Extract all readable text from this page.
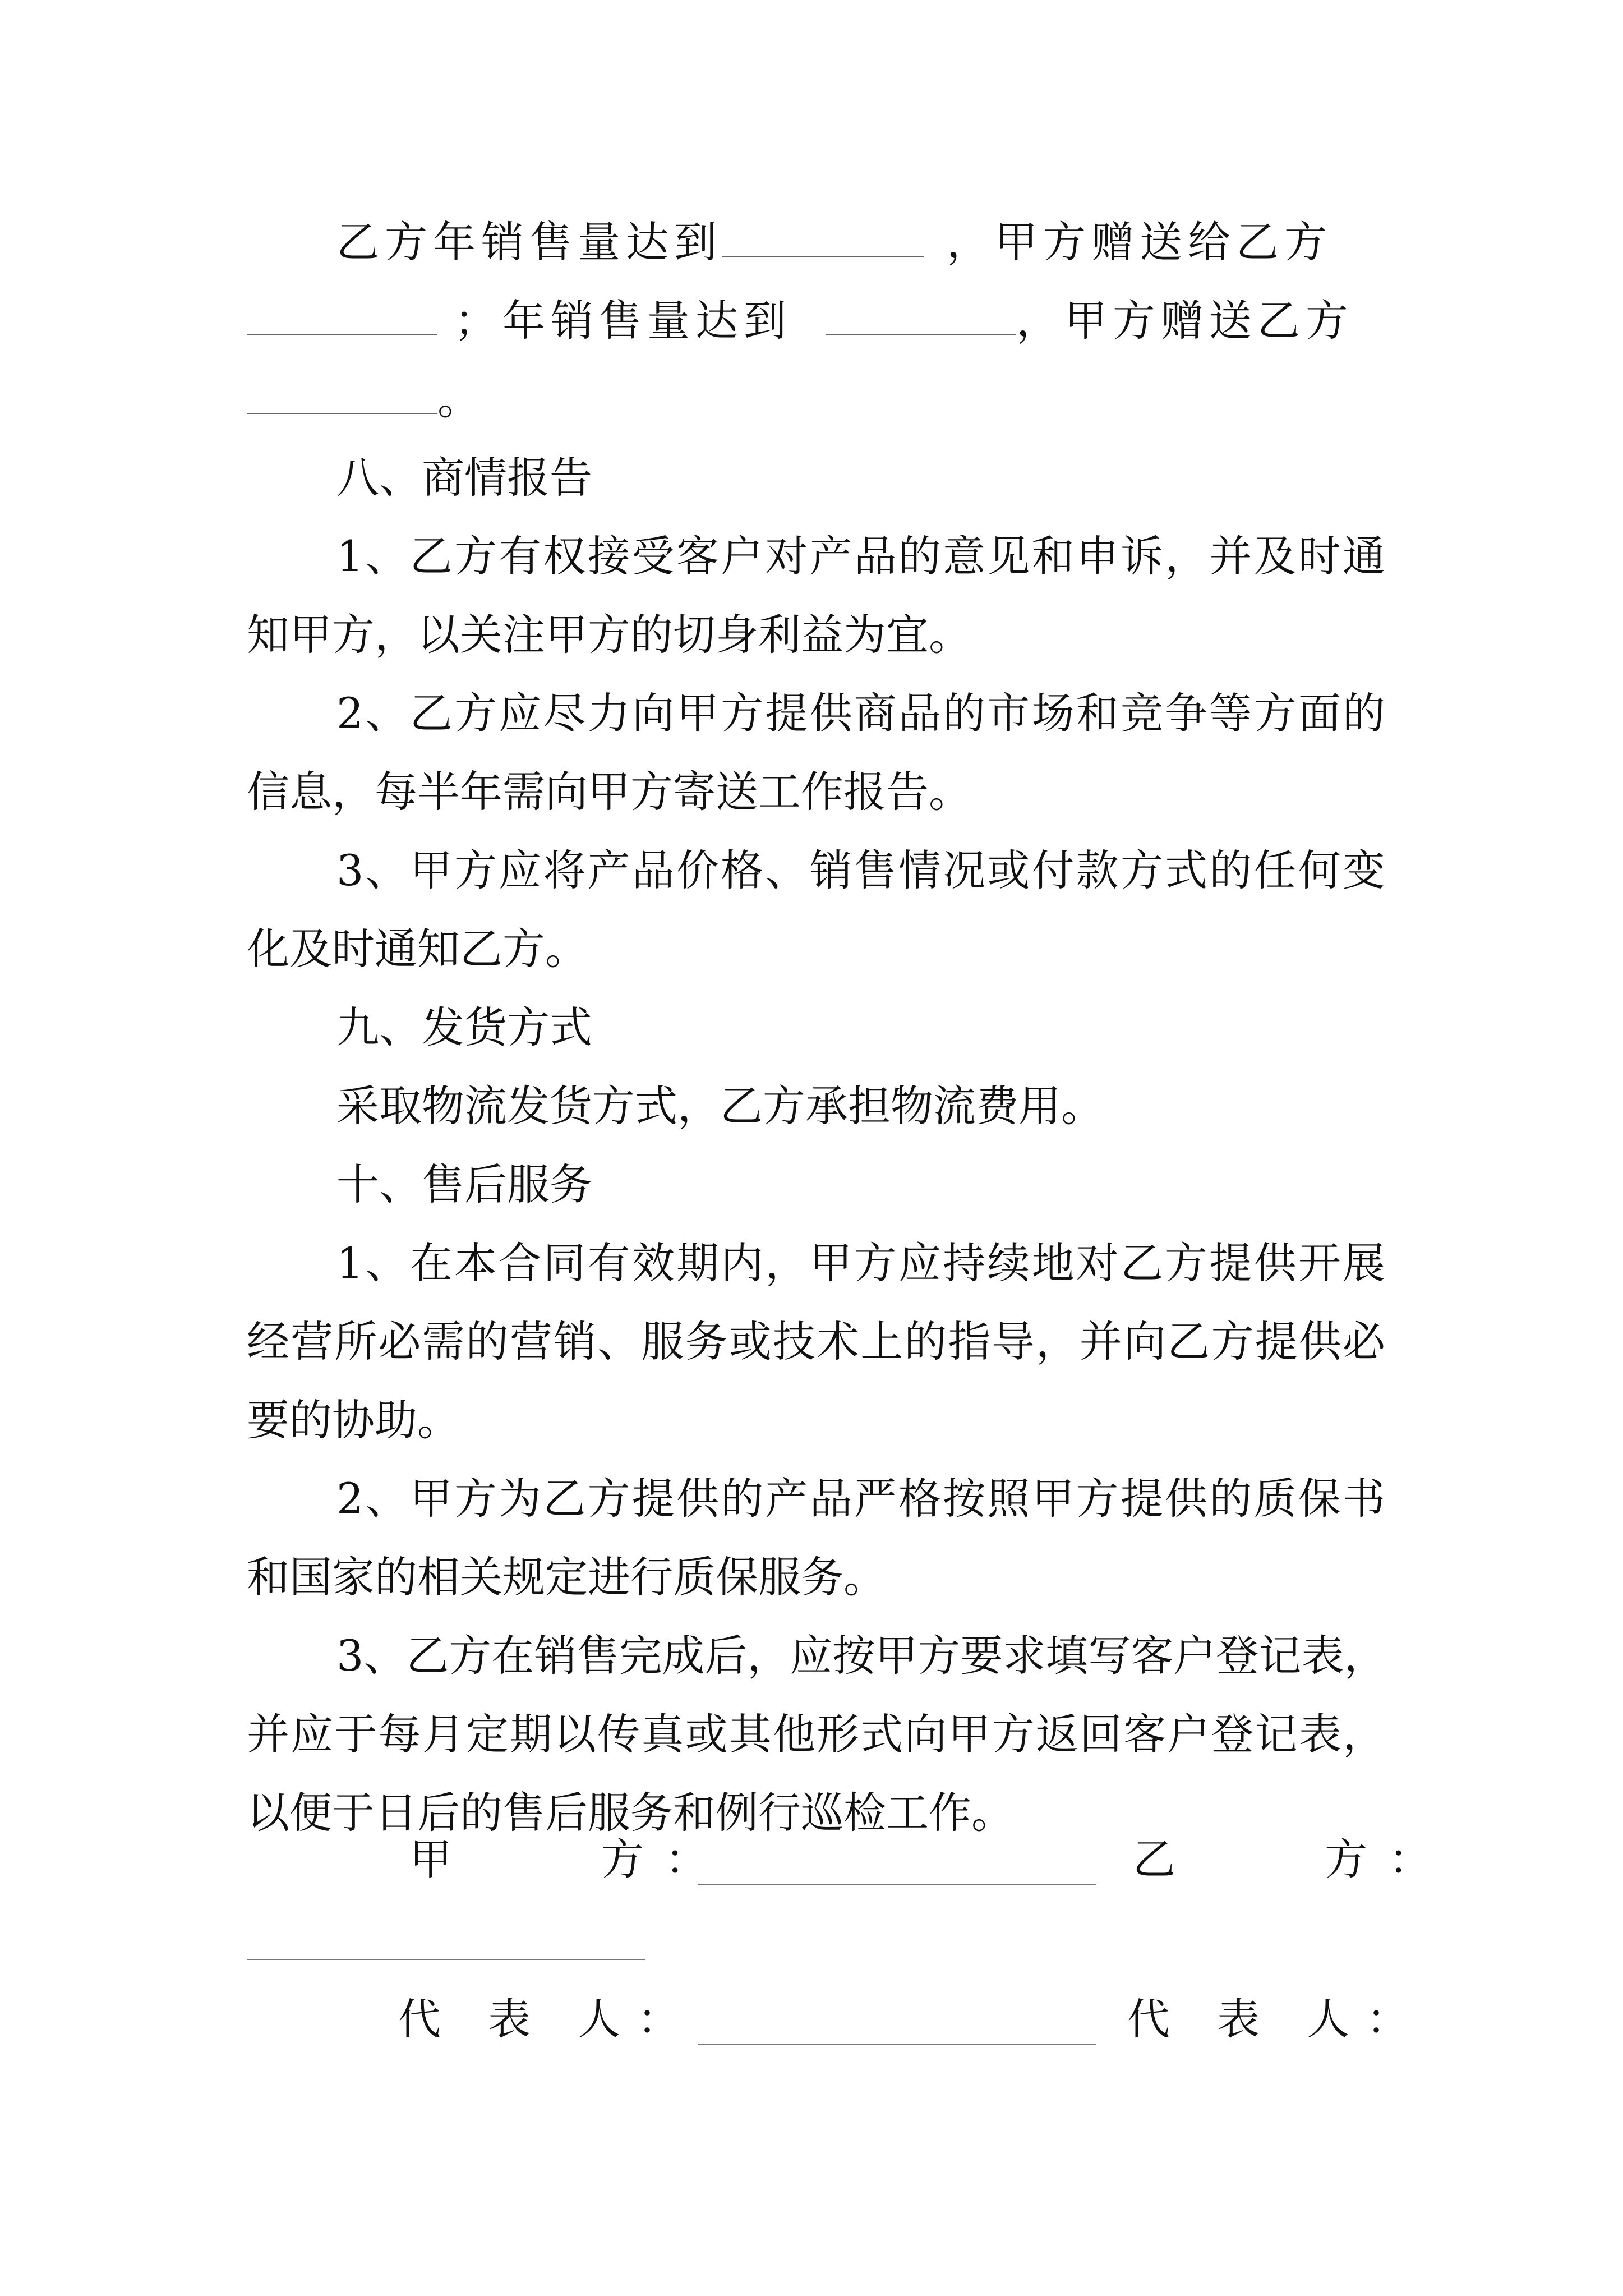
乙方年销售量达到	，甲方赠送给乙方
；年销售量达到	，甲方赠送乙方
。
八、商情报告
1、乙方有权接受客户对产品的意见和申诉，并及时通
知甲方，以关注甲方的切身利益为宜。
2、乙方应尽力向甲方提供商品的市场和竞争等方面的
信息，每半年需向甲方寄送工作报告。
3、甲方应将产品价格、销售情况或付款方式的任何变
化及时通知乙方。
九、发货方式
采取物流发货方式，乙方承担物流费用。
十、售后服务
1、在本合同有效期内，甲方应持续地对乙方提供开展
经营所必需的营销、服务或技术上的指导，并向乙方提供必
要的协助。
2、甲方为乙方提供的产品严格按照甲方提供的质保书
和国家的相关规定进行质保服务。
3、乙方在销售完成后，应按甲方要求填写客户登记表，
并应于每月定期以传真或其他形式向甲方返回客户登记表，
以便于日后的售后服务和例行巡检工作。
甲　　方：	乙　　方：
代 表 人：	代 表 人：
